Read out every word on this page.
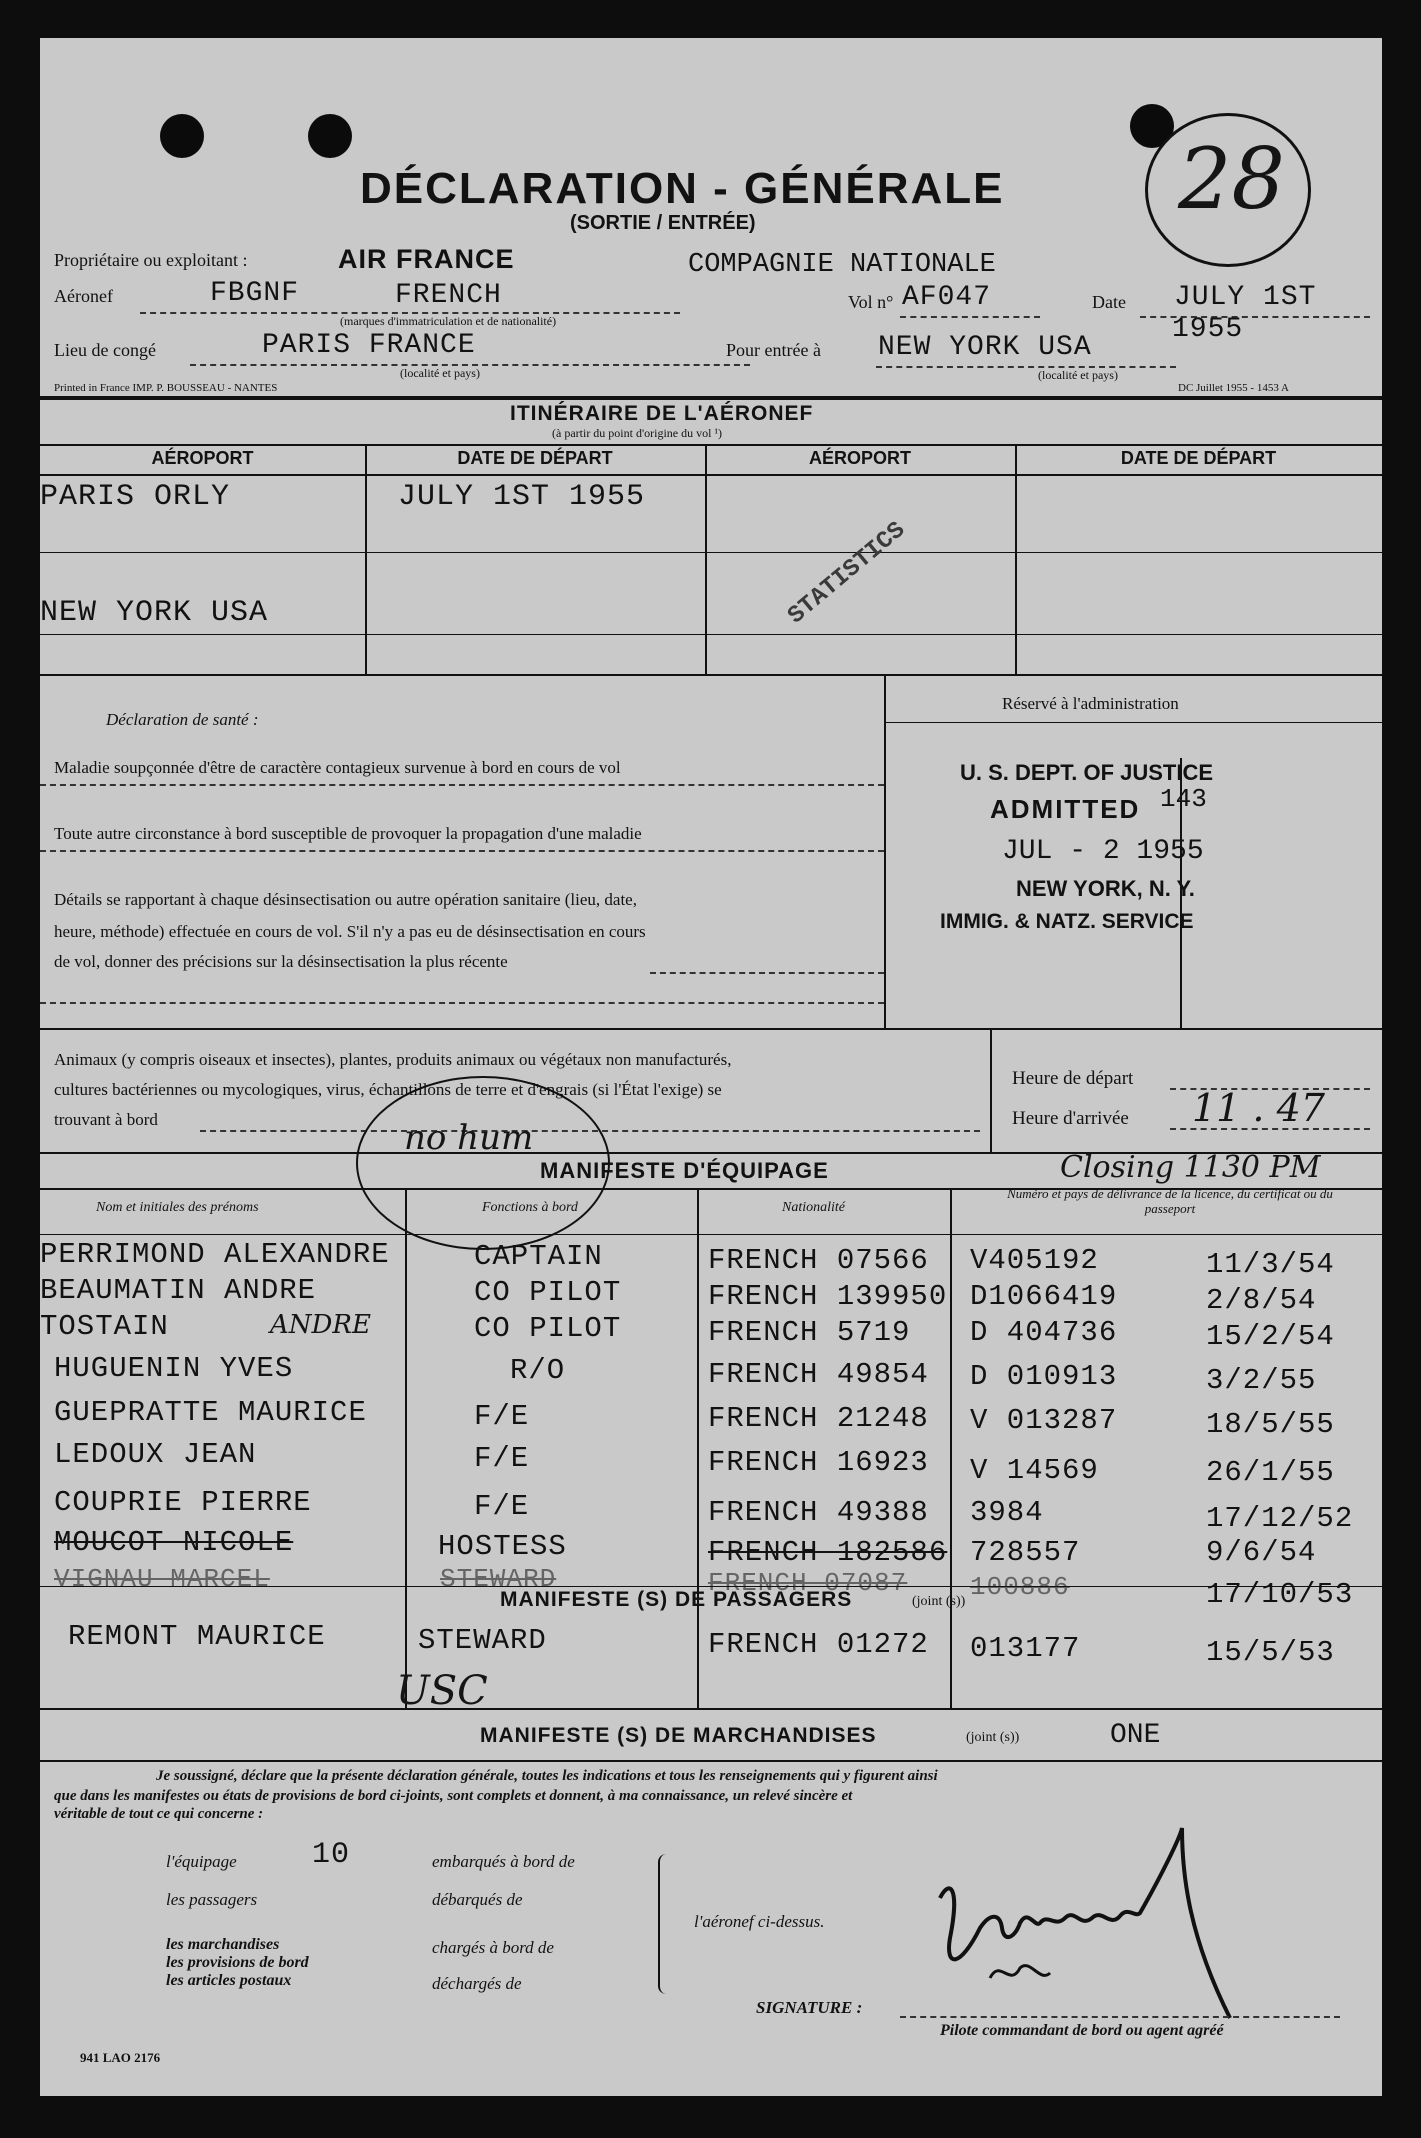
28
DÉCLARATION - GÉNÉRALE
(SORTIE / ENTRÉE)
Propriétaire ou exploitant :	AIR FRANCE	COMPAGNIE NATIONALE
Aéronef	FBGNF	FRENCH
(marques d'immatriculation et de nationalité)
Vol n° AF047	Date JULY 1ST
1955
Lieu de congé	PARIS FRANCE
(localité et pays)
Pour entrée à NEW YORK USA
(localité et pays)
Printed in France IMP. P. BOUSSEAU - NANTES	DC Juillet 1955 - 1453 A
ITINÉRAIRE DE L'AÉRONEF
(à partir du point d'origine du vol ¹)
AÉROPORT	DATE DE DÉPART	AÉROPORT	DATE DE DÉPART
PARIS ORLY	JULY 1ST 1955
NEW YORK USA	STATISTICS
Déclaration de santé :
Maladie soupçonnée d'être de caractère contagieux survenue à bord en cours de vol
Toute autre circonstance à bord susceptible de provoquer la propagation d'une maladie
Détails se rapportant à chaque désinsectisation ou autre opération sanitaire (lieu, date,
heure, méthode) effectuée en cours de vol. S'il n'y a pas eu de désinsectisation en cours
de vol, donner des précisions sur la désinsectisation la plus récente
Réservé à l'administration
U. S. DEPT. OF JUSTICE
ADMITTED 143
JUL - 2 1955
NEW YORK, N. Y.
IMMIG. & NATZ. SERVICE
Animaux (y compris oiseaux et insectes), plantes, produits animaux ou végétaux non manufacturés,
cultures bactériennes ou mycologiques, virus, échantillons de terre et d'engrais (si l'État l'exige) se
trouvant à bord	no hum
Heure de départ
Heure d'arrivée 11 . 47
MANIFESTE D'ÉQUIPAGE	Closing 1130 PM
Nom et initiales des prénoms	Fonctions à bord	Nationalité
Numéro et pays de délivrance de la licence, du certificat ou du passeport
PERRIMOND ALEXANDRE	CAPTAIN	FRENCH 07566 V405192	11/3/54
BEAUMATIN ANDRE	CO PILOT	FRENCH 139950 D1066419	2/8/54
TOSTAIN	ANDRE	CO PILOT	FRENCH 5719 D 404736	15/2/54
HUGUENIN YVES	R/O	FRENCH 49854 D 010913	3/2/55
GUEPRATTE MAURICE	F/E	FRENCH 21248 V 013287	18/5/55
LEDOUX JEAN	F/E	FRENCH 16923 V 14569	26/1/55
COUPRIE PIERRE	F/E	FRENCH 49388 3984	17/12/52
MOUCOT NICOLE	HOSTESS	FRENCH 182586 728557	9/6/54
VIGNAU MARCEL	STEWARD	FRENCH 07087 100886	17/10/53
MANIFESTE (S) DE PASSAGERS	(joint (s))
REMONT MAURICE	STEWARD	FRENCH 01272 013177	15/5/53
USC
MANIFESTE (S) DE MARCHANDISES	(joint (s))	ONE
Je soussigné, déclare que la présente déclaration générale, toutes les indications et tous les renseignements qui y figurent ainsi
que dans les manifestes ou états de provisions de bord ci-joints, sont complets et donnent, à ma connaissance, un relevé sincère et
véritable de tout ce qui concerne :
l'équipage	10
les passagers
les marchandises
les provisions de bord
les articles postaux
embarqués à bord de
débarqués de
chargés à bord de
déchargés de
l'aéronef ci-dessus.
SIGNATURE :
Pilote commandant de bord ou agent agréé
941 LAO 2176
